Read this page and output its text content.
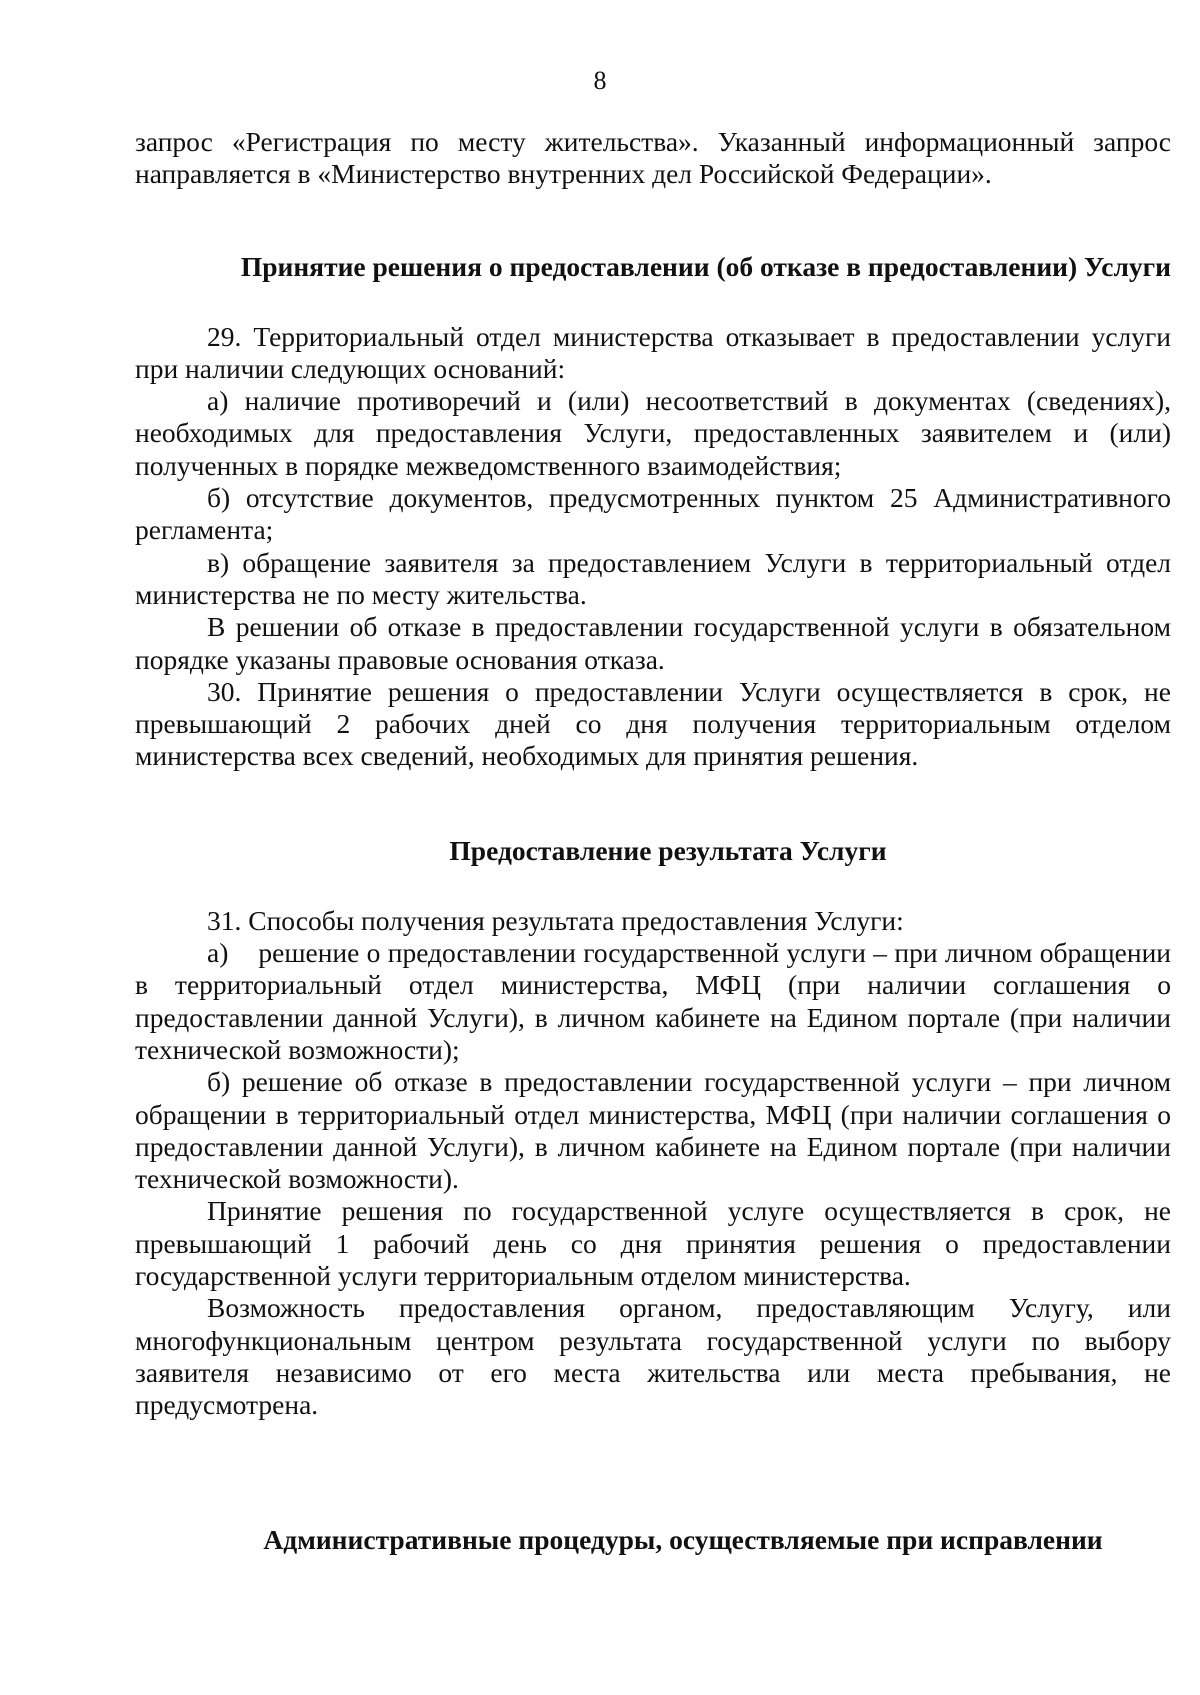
8

запрос «Регистрация по месту жительства». Указанный информационный запрос направляется в «Министерство внутренних дел Российской Федерации».

Принятие решения о предоставлении (об отказе в предоставлении) Услуги

29. Территориальный отдел министерства отказывает в предоставлении услуги при наличии следующих оснований:

а) наличие противоречий и (или) несоответствий в документах (сведениях), необходимых для предоставления Услуги, предоставленных заявителем и (или) полученных в порядке межведомственного взаимодействия;

б) отсутствие документов, предусмотренных пунктом 25 Административного регламента;

в) обращение заявителя за предоставлением Услуги в территориальный отдел министерства не по месту жительства.

В решении об отказе в предоставлении государственной услуги в обязательном порядке указаны правовые основания отказа.

30. Принятие решения о предоставлении Услуги осуществляется в срок, не превышающий 2 рабочих дней со дня получения территориальным отделом министерства всех сведений, необходимых для принятия решения.

Предоставление результата Услуги

31. Способы получения результата предоставления Услуги:

а) решение о предоставлении государственной услуги – при личном обращении в территориальный отдел министерства, МФЦ (при наличии соглашения о предоставлении данной Услуги), в личном кабинете на Едином портале (при наличии технической возможности);

б) решение об отказе в предоставлении государственной услуги – при личном обращении в территориальный отдел министерства, МФЦ (при наличии соглашения о предоставлении данной Услуги), в личном кабинете на Едином портале (при наличии технической возможности).

Принятие решения по государственной услуге осуществляется в срок, не превышающий 1 рабочий день со дня принятия решения о предоставлении государственной услуги территориальным отделом министерства.

Возможность предоставления органом, предоставляющим Услугу, или многофункциональным центром результата государственной услуги по выбору заявителя независимо от его места жительства или места пребывания, не предусмотрена.

Административные процедуры, осуществляемые при исправлении
